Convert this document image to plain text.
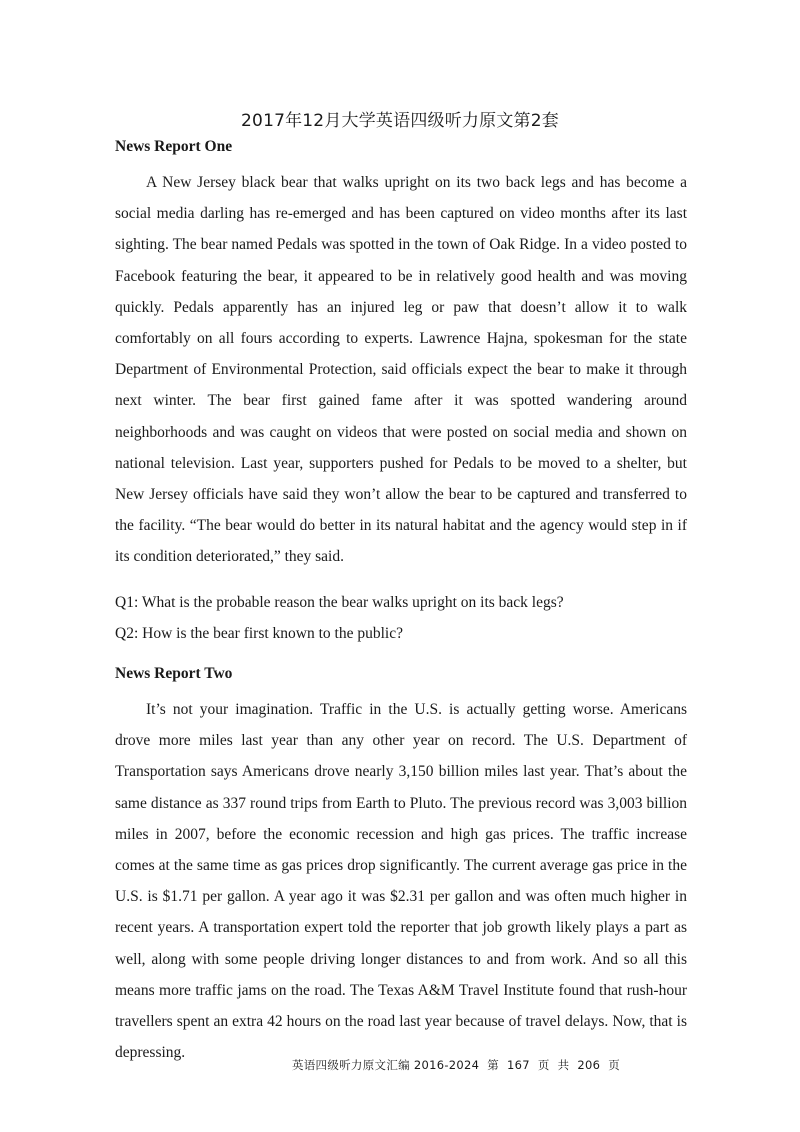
2017年12月大学英语四级听力原文第2套
News Report One

A New Jersey black bear that walks upright on its two back legs and has become a social media darling has re-emerged and has been captured on video months after its last sighting. The bear named Pedals was spotted in the town of Oak Ridge. In a video posted to Facebook featuring the bear, it appeared to be in relatively good health and was moving quickly. Pedals apparently has an injured leg or paw that doesn’t allow it to walk comfortably on all fours according to experts. Lawrence Hajna, spokesman for the state Department of Environmental Protection, said officials expect the bear to make it through next winter. The bear first gained fame after it was spotted wandering around neighborhoods and was caught on videos that were posted on social media and shown on national television. Last year, supporters pushed for Pedals to be moved to a shelter, but New Jersey officials have said they won’t allow the bear to be captured and transferred to the facility. “The bear would do better in its natural habitat and the agency would step in if its condition deteriorated,” they said.

Q1: What is the probable reason the bear walks upright on its back legs?
Q2: How is the bear first known to the public?
News Report Two

It’s not your imagination. Traffic in the U.S. is actually getting worse. Americans drove more miles last year than any other year on record. The U.S. Department of Transportation says Americans drove nearly 3,150 billion miles last year. That’s about the same distance as 337 round trips from Earth to Pluto. The previous record was 3,003 billion miles in 2007, before the economic recession and high gas prices. The traffic increase comes at the same time as gas prices drop significantly. The current average gas price in the U.S. is $1.71 per gallon. A year ago it was $2.31 per gallon and was often much higher in recent years. A transportation expert told the reporter that job growth likely plays a part as well, along with some people driving longer distances to and from work. And so all this means more traffic jams on the road. The Texas A&M Travel Institute found that rush-hour travellers spent an extra 42 hours on the road last year because of travel delays. Now, that is depressing.

英语四级听力原文汇编 2016-2024 第 167 页 共 206 页
